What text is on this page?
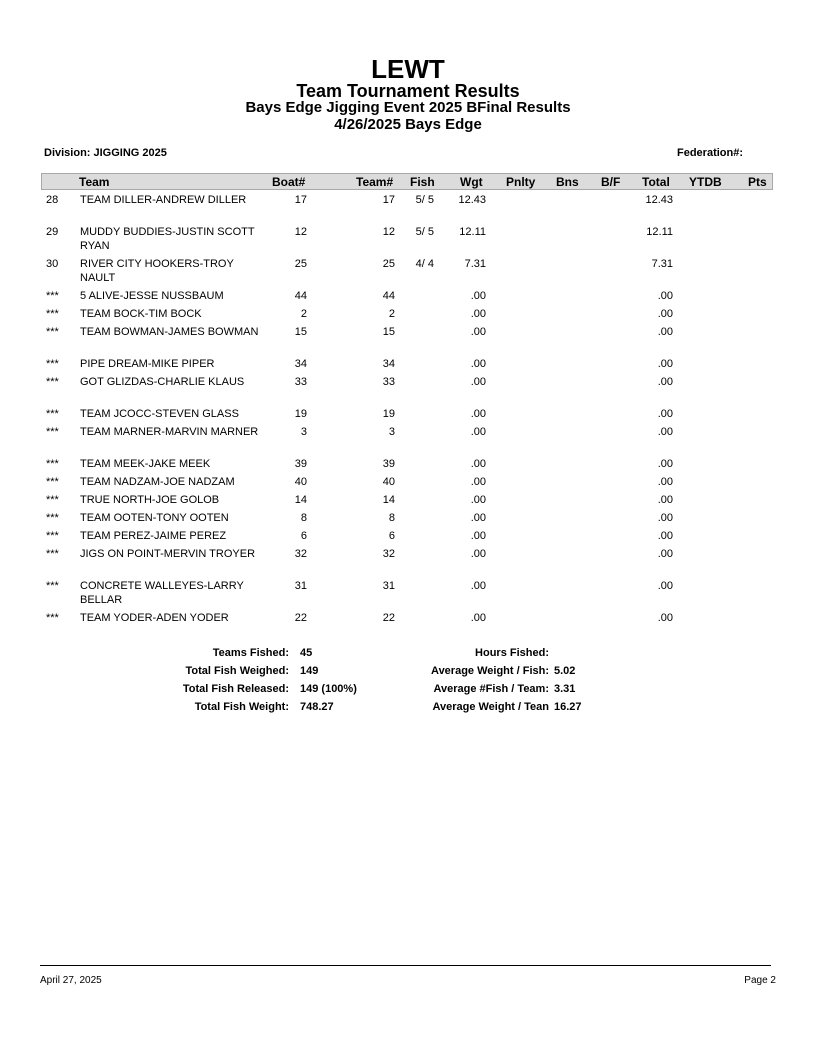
LEWT
Team Tournament Results
Bays Edge Jigging Event 2025 BFinal Results
4/26/2025 Bays Edge
Division: JIGGING 2025	Federation#:
Team	Boat#	Team# Fish Wgt Pnlty Bns B/F Total YTDB Pts
28 TEAM DILLER-ANDREW DILLER	17	17	5/ 5	12.43	12.43
29 MUDDY BUDDIES-JUSTIN SCOTT RYAN
12	12	5/ 5	12.11	12.11
30 RIVER CITY HOOKERS-TROY NAULT
25	25	4/ 4	7.31	7.31
*** 5 ALIVE-JESSE NUSSBAUM	44	44	.00	.00
*** TEAM BOCK-TIM BOCK	2	2	.00	.00
*** TEAM BOWMAN-JAMES BOWMAN	15	15	.00	.00
*** PIPE DREAM-MIKE PIPER	34	34	.00	.00
*** GOT GLIZDAS-CHARLIE KLAUS	33	33	.00	.00
*** TEAM JCOCC-STEVEN GLASS	19	19	.00	.00
*** TEAM MARNER-MARVIN MARNER	3	3	.00	.00
*** TEAM MEEK-JAKE MEEK	39	39	.00	.00
*** TEAM NADZAM-JOE NADZAM	40	40	.00	.00
*** TRUE NORTH-JOE GOLOB	14	14	.00	.00
*** TEAM OOTEN-TONY OOTEN	8	8	.00	.00
*** TEAM PEREZ-JAIME PEREZ	6	6	.00	.00
*** JIGS ON POINT-MERVIN TROYER	32	32	.00	.00
*** CONCRETE WALLEYES-LARRY BELLAR
31	31	.00	.00
*** TEAM YODER-ADEN YODER	22	22	.00	.00
Teams Fished: 45
Total Fish Weighed: 149
Total Fish Released: 149 (100%)
Total Fish Weight: 748.27
Hours Fished:
Average Weight / Fish: 5.02
Average #Fish / Team: 3.31
Average Weight / Tean 16.27
April 27, 2025	Page 2
